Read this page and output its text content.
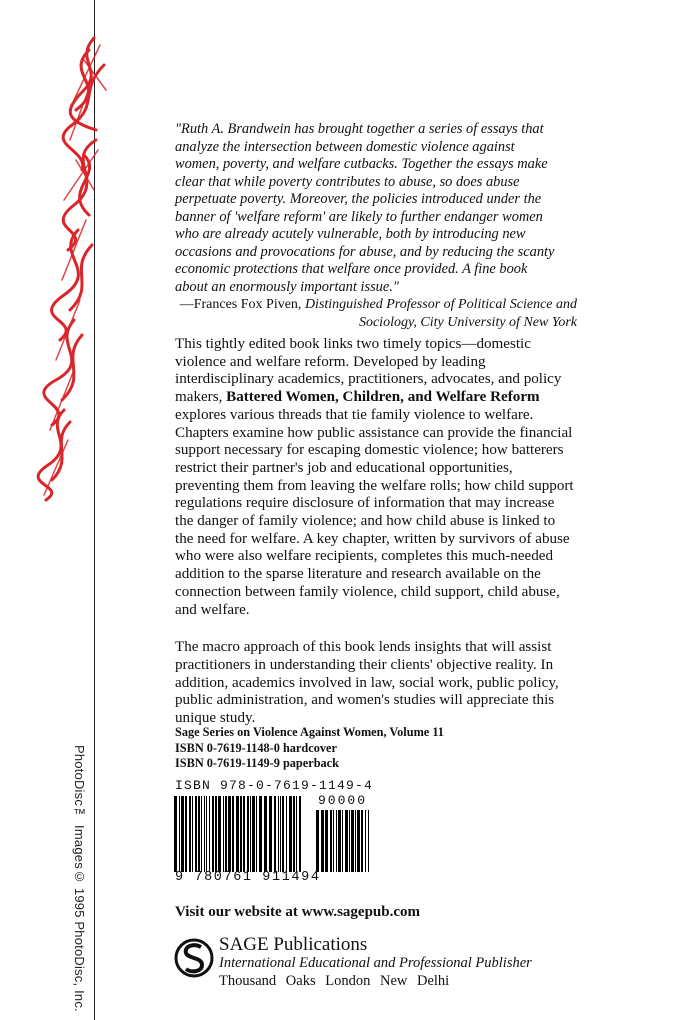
PhotoDisc™ Images© 1995 PhotoDisc, Inc.

"Ruth A. Brandwein has brought together a series of essays that

analyze the intersection between domestic violence against

women, poverty, and welfare cutbacks. Together the essays make

clear that while poverty contributes to abuse, so does abuse

perpetuate poverty. Moreover, the policies introduced under the

banner of 'welfare reform' are likely to further endanger women

who are already acutely vulnerable, both by introducing new

occasions and provocations for abuse, and by reducing the scanty

economic protections that welfare once provided. A fine book

about an enormously important issue."

—Frances Fox Piven, Distinguished Professor of Political Science and

Sociology, City University of New York

This tightly edited book links two timely topics—domestic
violence and welfare reform. Developed by leading
interdisciplinary academics, practitioners, advocates, and policy
makers, Battered Women, Children, and Welfare Reform
explores various threads that tie family violence to welfare.
Chapters examine how public assistance can provide the financial
support necessary for escaping domestic violence; how batterers
restrict their partner's job and educational opportunities,
preventing them from leaving the welfare rolls; how child support
regulations require disclosure of information that may increase
the danger of family violence; and how child abuse is linked to
the need for welfare. A key chapter, written by survivors of abuse
who were also welfare recipients, completes this much-needed
addition to the sparse literature and research available on the
connection between family violence, child support, child abuse,
and welfare.

The macro approach of this book lends insights that will assist
practitioners in understanding their clients' objective reality. In
addition, academics involved in law, social work, public policy,
public administration, and women's studies will appreciate this
unique study.

Sage Series on Violence Against Women, Volume 11
ISBN 0-7619-1148-0 hardcover
ISBN 0-7619-1149-9 paperback
ISBN 978-0-7619-1149-4
90000
9 780761 911494
Visit our website at www.sagepub.com
SAGE Publications
International Educational and Professional Publisher
Thousand Oaks London New Delhi
